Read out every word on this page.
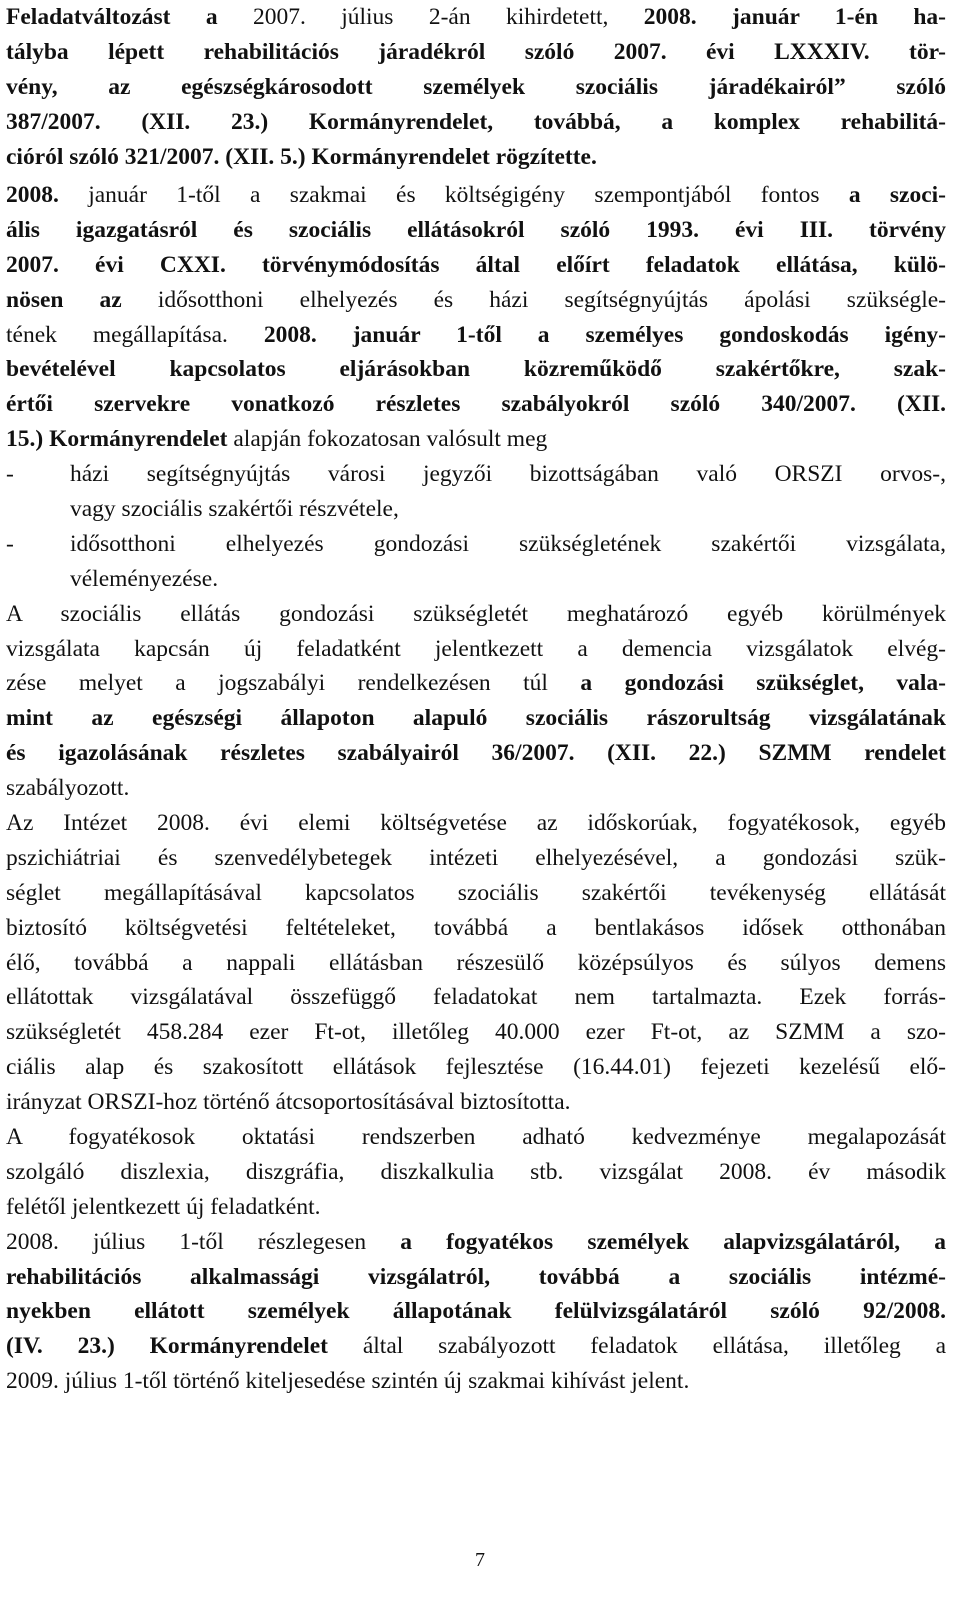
Feladatváltozást a 2007. július 2-án kihirdetett, 2008. január 1-én ha-
tályba lépett rehabilitációs járadékról szóló 2007. évi LXXXIV. tör-
vény, az egészségkárosodott személyek szociális járadékairól” szóló
387/2007. (XII. 23.) Kormányrendelet, továbbá, a komplex rehabilitá-
cióról szóló 321/2007. (XII. 5.) Kormányrendelet rögzítette.
2008. január 1-től a szakmai és költségigény szempontjából fontos a szoci-
ális igazgatásról és szociális ellátásokról szóló 1993. évi III. törvény
2007. évi CXXI. törvénymódosítás által előírt feladatok ellátása, külö-
nösen az idősotthoni elhelyezés és házi segítségnyújtás ápolási szükségle-
tének megállapítása. 2008. január 1-től a személyes gondoskodás igény-
bevételével kapcsolatos eljárásokban közreműködő szakértőkre, szak-
értői szervekre vonatkozó részletes szabályokról szóló 340/2007. (XII.
15.) Kormányrendelet alapján fokozatosan valósult meg
- házi segítségnyújtás városi jegyzői bizottságában való ORSZI orvos-,
vagy szociális szakértői részvétele,
- idősotthoni elhelyezés gondozási szükségletének szakértői vizsgálata,
véleményezése.
A szociális ellátás gondozási szükségletét meghatározó egyéb körülmények
vizsgálata kapcsán új feladatként jelentkezett a demencia vizsgálatok elvég-
zése melyet a jogszabályi rendelkezésen túl a gondozási szükséglet, vala-
mint az egészségi állapoton alapuló szociális rászorultság vizsgálatának
és igazolásának részletes szabályairól 36/2007. (XII. 22.) SZMM rendelet
szabályozott.
Az Intézet 2008. évi elemi költségvetése az időskorúak, fogyatékosok, egyéb
pszichiátriai és szenvedélybetegek intézeti elhelyezésével, a gondozási szük-
séglet megállapításával kapcsolatos szociális szakértői tevékenység ellátását
biztosító költségvetési feltételeket, továbbá a bentlakásos idősek otthonában
élő, továbbá a nappali ellátásban részesülő középsúlyos és súlyos demens
ellátottak vizsgálatával összefüggő feladatokat nem tartalmazta. Ezek forrás-
szükségletét 458.284 ezer Ft-ot, illetőleg 40.000 ezer Ft-ot, az SZMM a szo-
ciális alap és szakosított ellátások fejlesztése (16.44.01) fejezeti kezelésű elő-
irányzat ORSZI-hoz történő átcsoportosításával biztosította.
A fogyatékosok oktatási rendszerben adható kedvezménye megalapozását
szolgáló diszlexia, diszgráfia, diszkalkulia stb. vizsgálat 2008. év második
felétől jelentkezett új feladatként.
2008. július 1-től részlegesen a fogyatékos személyek alapvizsgálatáról, a
rehabilitációs alkalmassági vizsgálatról, továbbá a szociális intézmé-
nyekben ellátott személyek állapotának felülvizsgálatáról szóló 92/2008.
(IV. 23.) Kormányrendelet által szabályozott feladatok ellátása, illetőleg a
2009. július 1-től történő kiteljesedése szintén új szakmai kihívást jelent.
7
